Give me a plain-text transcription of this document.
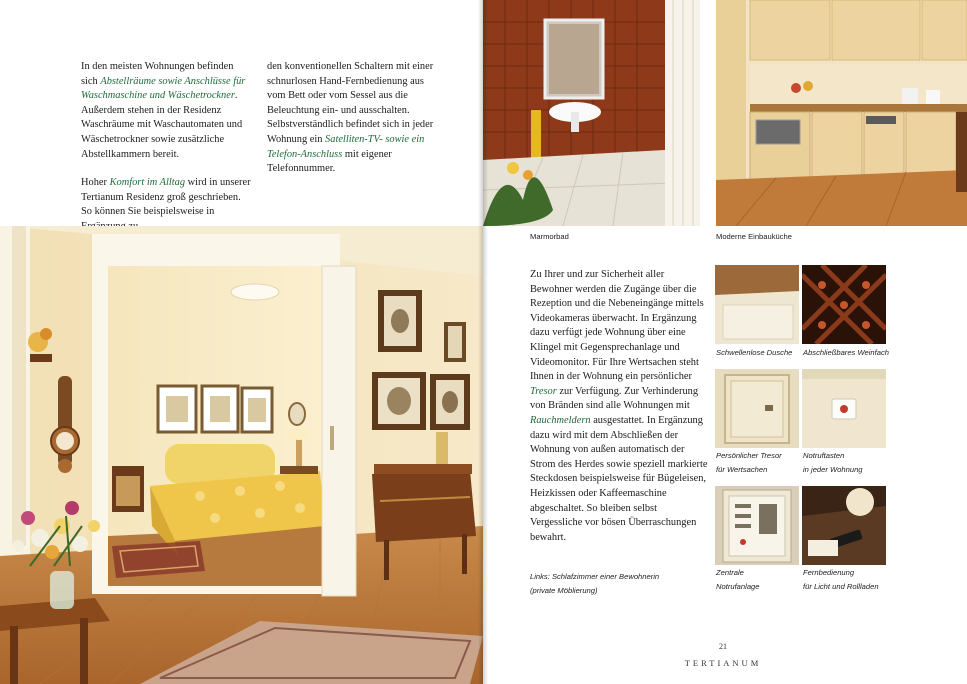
In den meisten Wohnungen befinden sich Abstellräume sowie Anschlüsse für Waschmaschine und Wäschetrockner. Außerdem stehen in der Residenz Waschräume mit Waschautomaten und Wäschetrockner sowie zusätzliche Abstellkammern bereit.

Hoher Komfort im Alltag wird in unserer Tertianum Residenz groß geschrieben. So können Sie beispielsweise in

den konventionellen Schaltern mit einer schnurlosen Hand-Fernbedienung aus vom Bett oder vom Sessel aus die Beleuchtung ein- und ausschalten. Selbstverständlich befindet sich in jeder Wohnung ein Satelliten-TV- sowie ein Telefon-Anschluss mit eigener Telefonnummer.

Marmorbad	Moderne Einbauküche

Zu Ihrer und zur Sicherheit aller Bewohner werden die Zugänge über die Rezeption und die Nebeneingänge mittels Videokameras überwacht. In Ergänzung dazu verfügt jede Wohnung über eine Klingel mit Gegensprechanlage und Videomonitor. Für Ihre Wertsachen steht Ihnen in der Wohnung ein persönlicher Tresor zur Verfügung. Zur Verhinderung von Bränden sind alle Wohnungen mit Rauchmeldern ausgestattet. In Ergänzung dazu wird mit dem Abschließen der Wohnung von außen automatisch der Strom des Herdes sowie speziell markierte Steckdosen beispielsweise für Bügeleisen, Heizkissen oder Kaffeemaschine abgeschaltet. So bleiben selbst Vergessliche vor bösen Überraschungen bewahrt.

Links: Schlafzimmer einer Bewohnerin
(private Möblierung)
Schwellenlose Dusche Abschließbares Weinfach
Persönlicher Tresor
für Wertsachen
Notruftasten
in jeder Wohnung
Zentrale
Notrufanlage
Fernbedienung
für Licht und Rollladen
21
TERTIANUM
